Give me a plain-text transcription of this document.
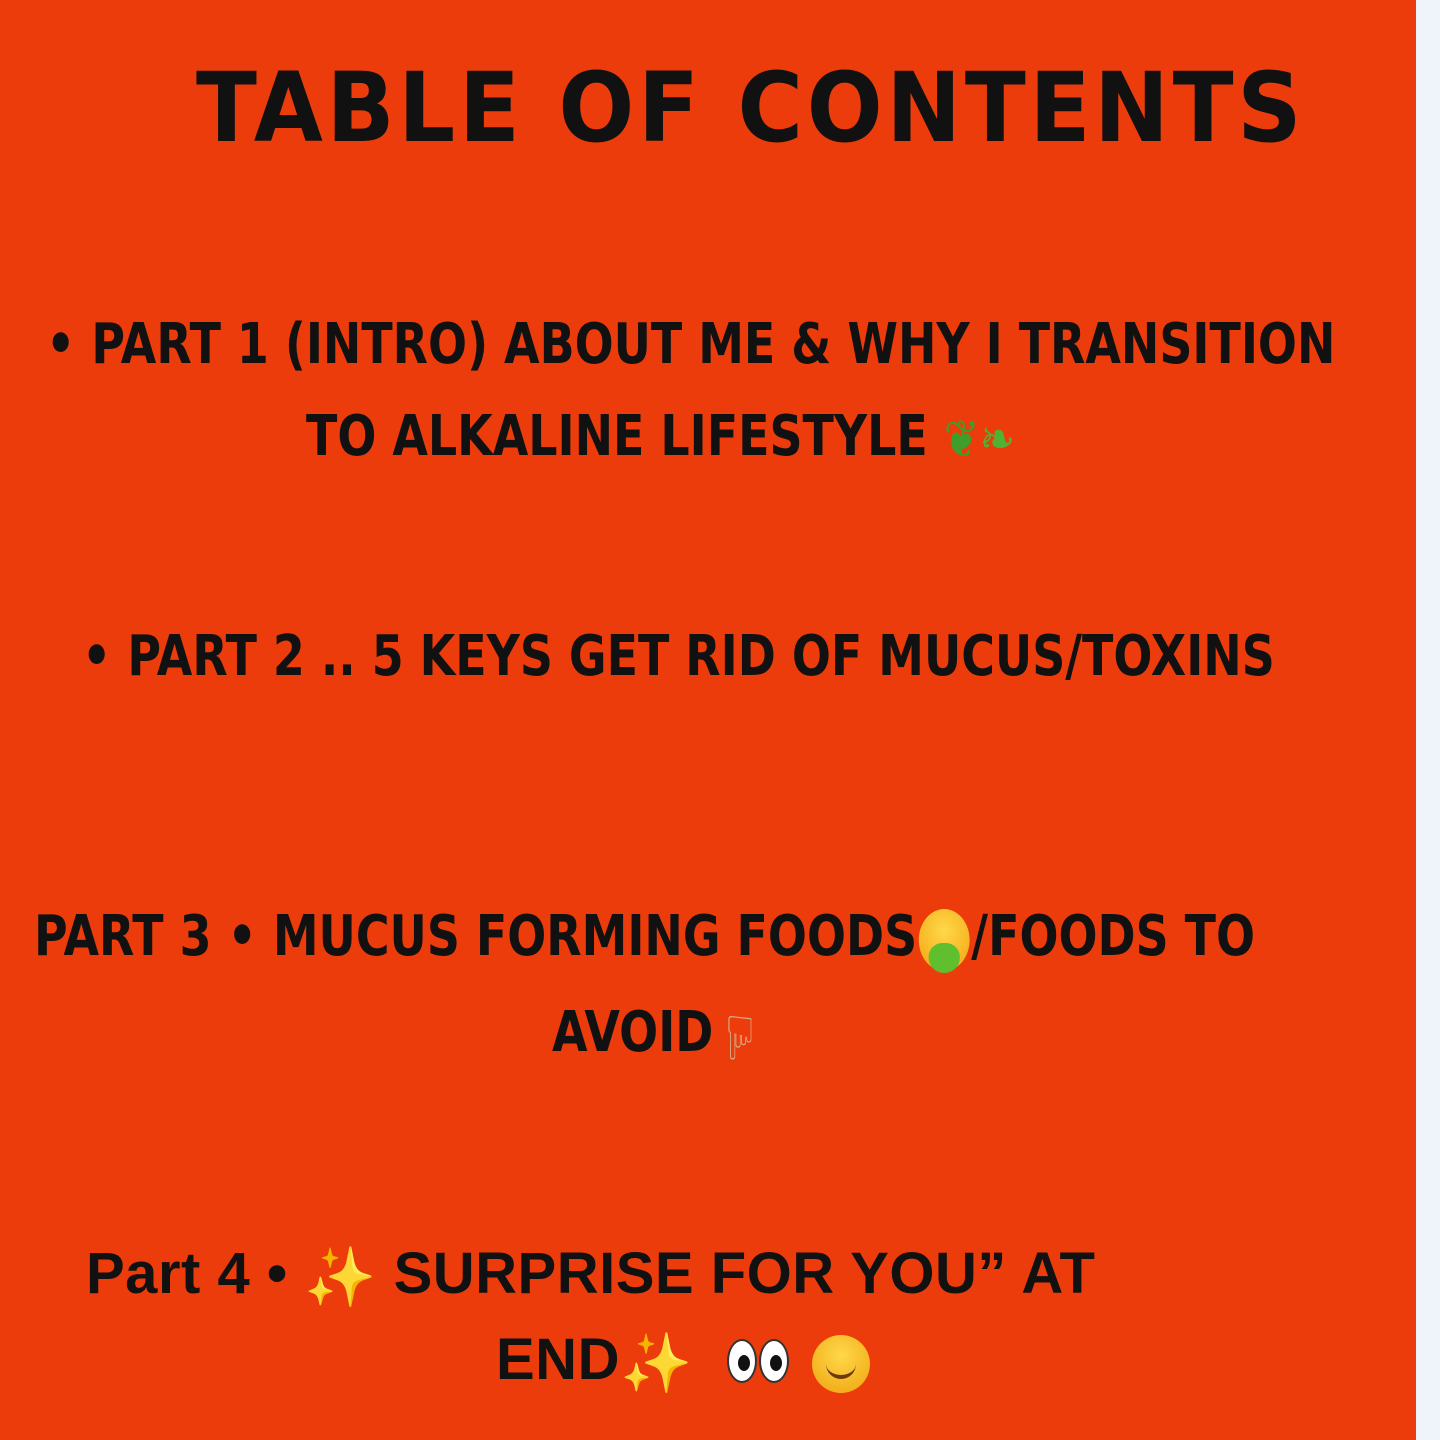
TABLE OF CONTENTS
• PART 1 (INTRO) ABOUT ME & WHY I TRANSITION
TO ALKALINE LIFESTYLE ❦❧
• PART 2 .. 5 KEYS GET RID OF MUCUS/TOXINS
PART 3 • MUCUS FORMING FOODS /FOODS TO
AVOID ☝
Part 4 • ✨ SURPRISE FOR YOU” AT
END✨
